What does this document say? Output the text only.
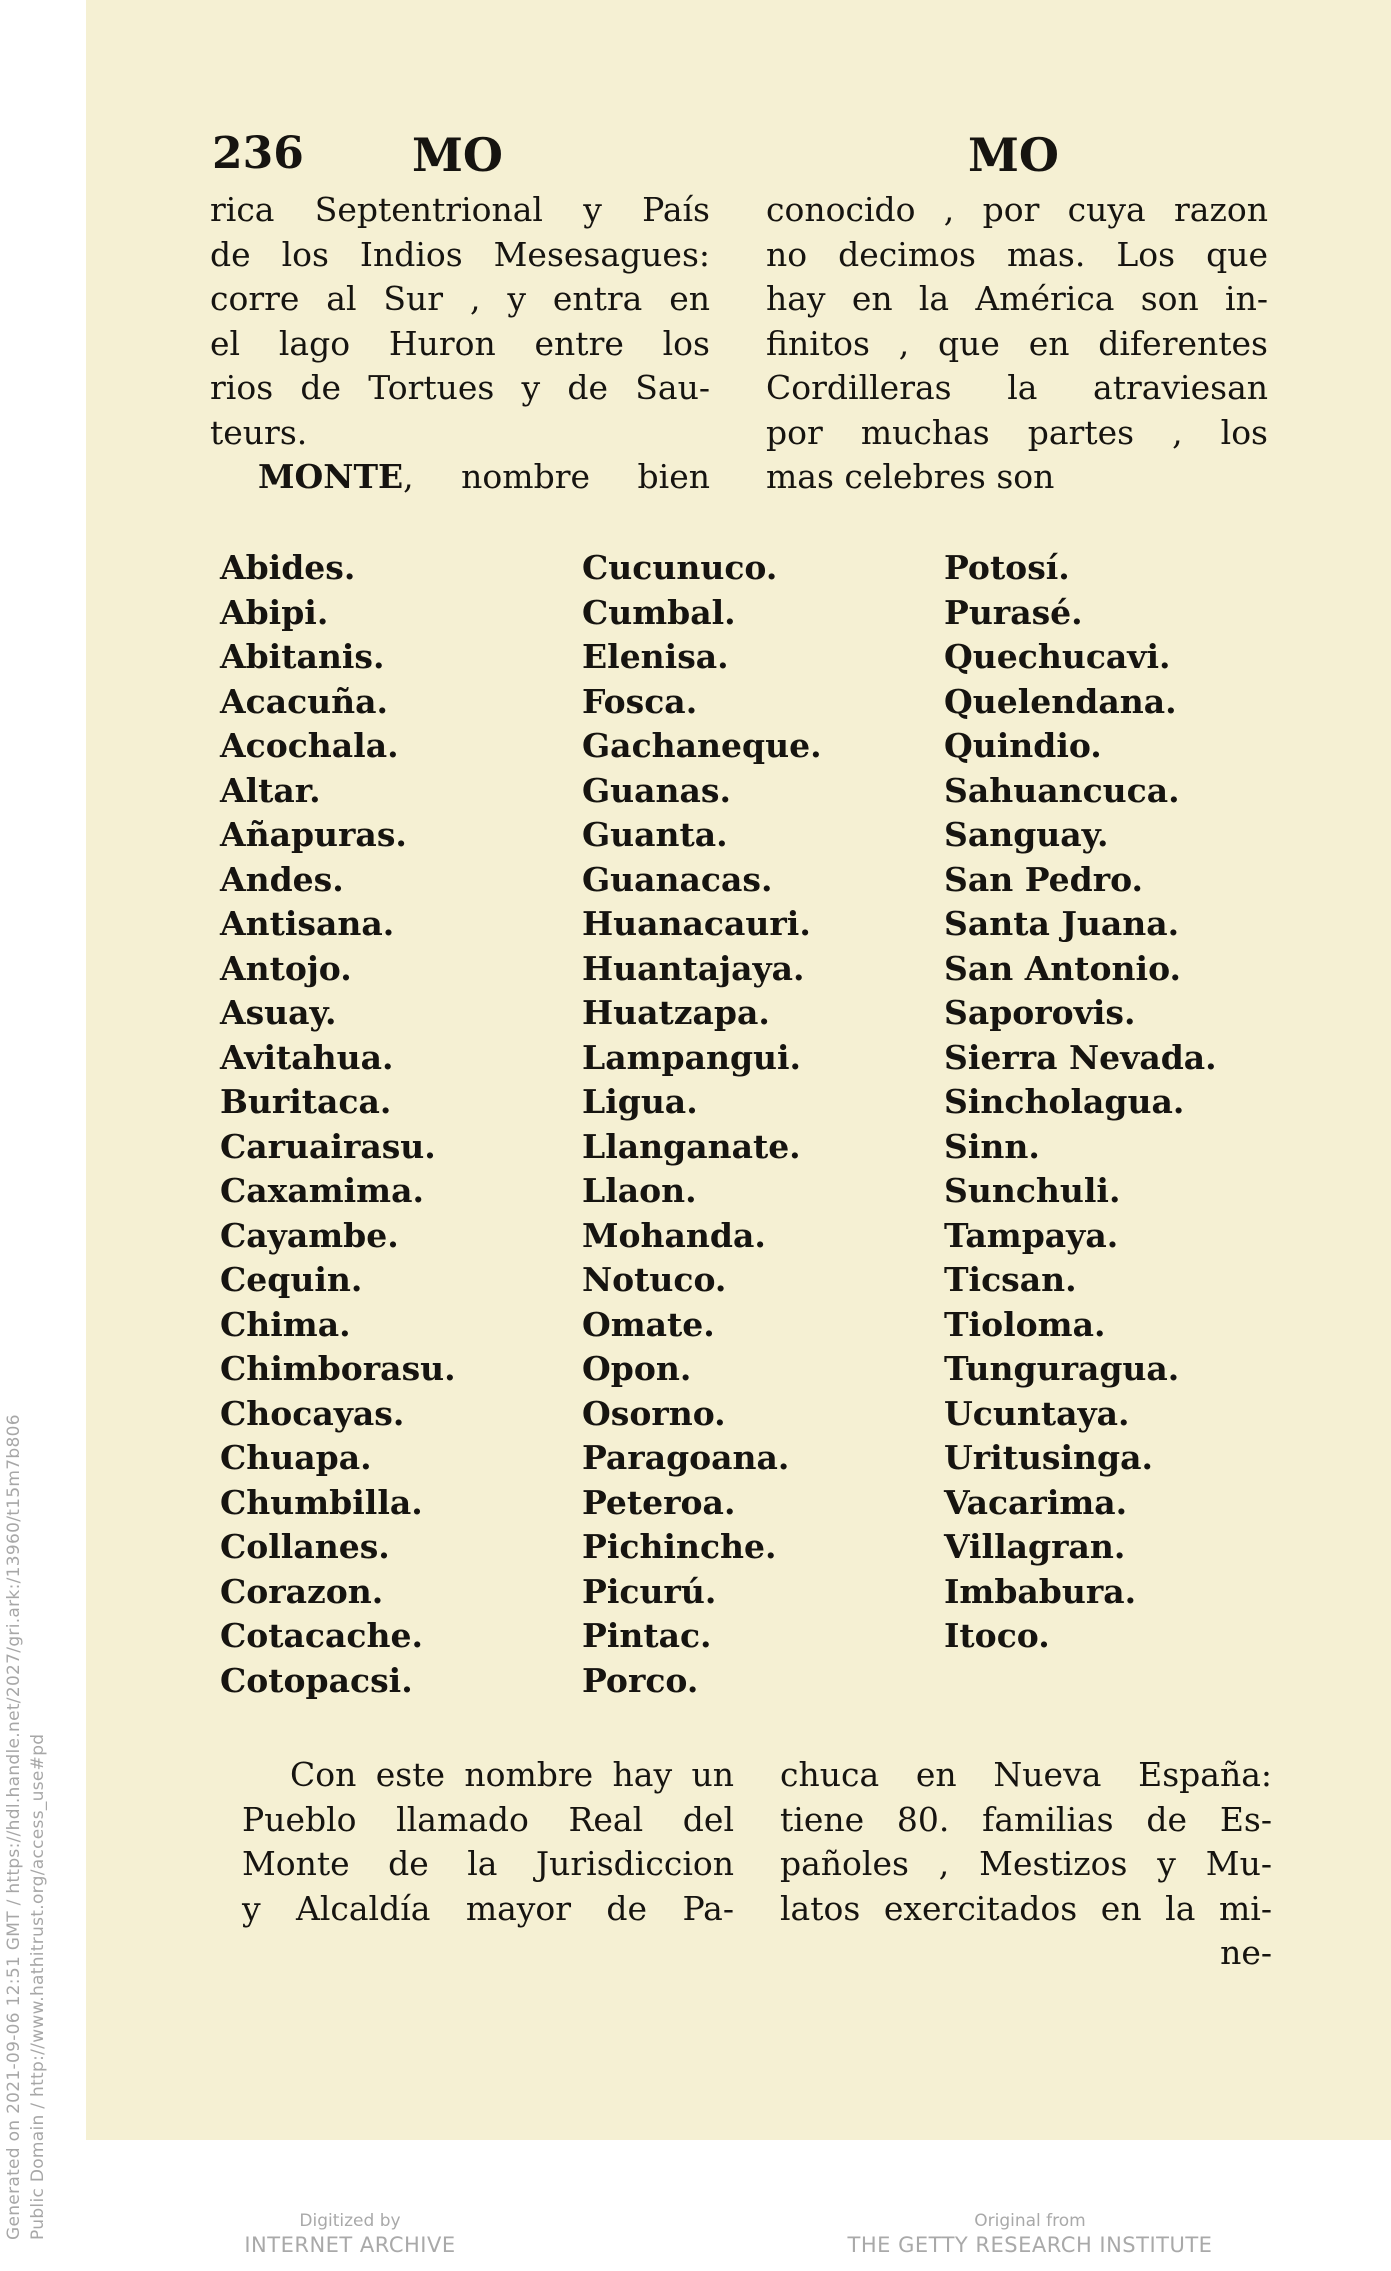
Generated on 2021-09-06 12:51 GMT / https://hdl.handle.net/2027/gri.ark:/13960/t15m7b806 Public Domain / http://www.hathitrust.org/access_use#pd
236 MO	MO
rica Septentrional y País
de los Indios Mesesagues:
corre al Sur , y entra en
el lago Huron entre los
rios de Tortues y de Sau-
teurs.
MONTE, nombre bien
conocido , por cuya razon
no decimos mas. Los que
hay en la América son in-
finitos , que en diferentes
Cordilleras la atraviesan
por muchas partes , los
mas celebres son
Abides.
Abipi.
Abitanis.
Acacuña.
Acochala.
Altar.
Añapuras.
Andes.
Antisana.
Antojo.
Asuay.
Avitahua.
Buritaca.
Caruairasu.
Caxamima.
Cayambe.
Cequin.
Chima.
Chimborasu.
Chocayas.
Chuapa.
Chumbilla.
Collanes.
Corazon.
Cotacache.
Cotopacsi.
Cucunuco.
Cumbal.
Elenisa.
Fosca.
Gachaneque.
Guanas.
Guanta.
Guanacas.
Huanacauri.
Huantajaya.
Huatzapa.
Lampangui.
Ligua.
Llanganate.
Llaon.
Mohanda.
Notuco.
Omate.
Opon.
Osorno.
Paragoana.
Peteroa.
Pichinche.
Picurú.
Pintac.
Porco.
Potosí.
Purasé.
Quechucavi.
Quelendana.
Quindio.
Sahuancuca.
Sanguay.
San Pedro.
Santa Juana.
San Antonio.
Saporovis.
Sierra Nevada.
Sincholagua.
Sinn.
Sunchuli.
Tampaya.
Ticsan.
Tioloma.
Tunguragua.
Ucuntaya.
Uritusinga.
Vacarima.
Villagran.
Imbabura.
Itoco.
Con este nombre hay un
Pueblo llamado Real del
Monte de la Jurisdiccion
y Alcaldía mayor de Pa-
chuca en Nueva España:
tiene 80. familias de Es-
pañoles , Mestizos y Mu-
latos exercitados en la mi-
ne-
Digitized by
INTERNET ARCHIVE
Original from
THE GETTY RESEARCH INSTITUTE
